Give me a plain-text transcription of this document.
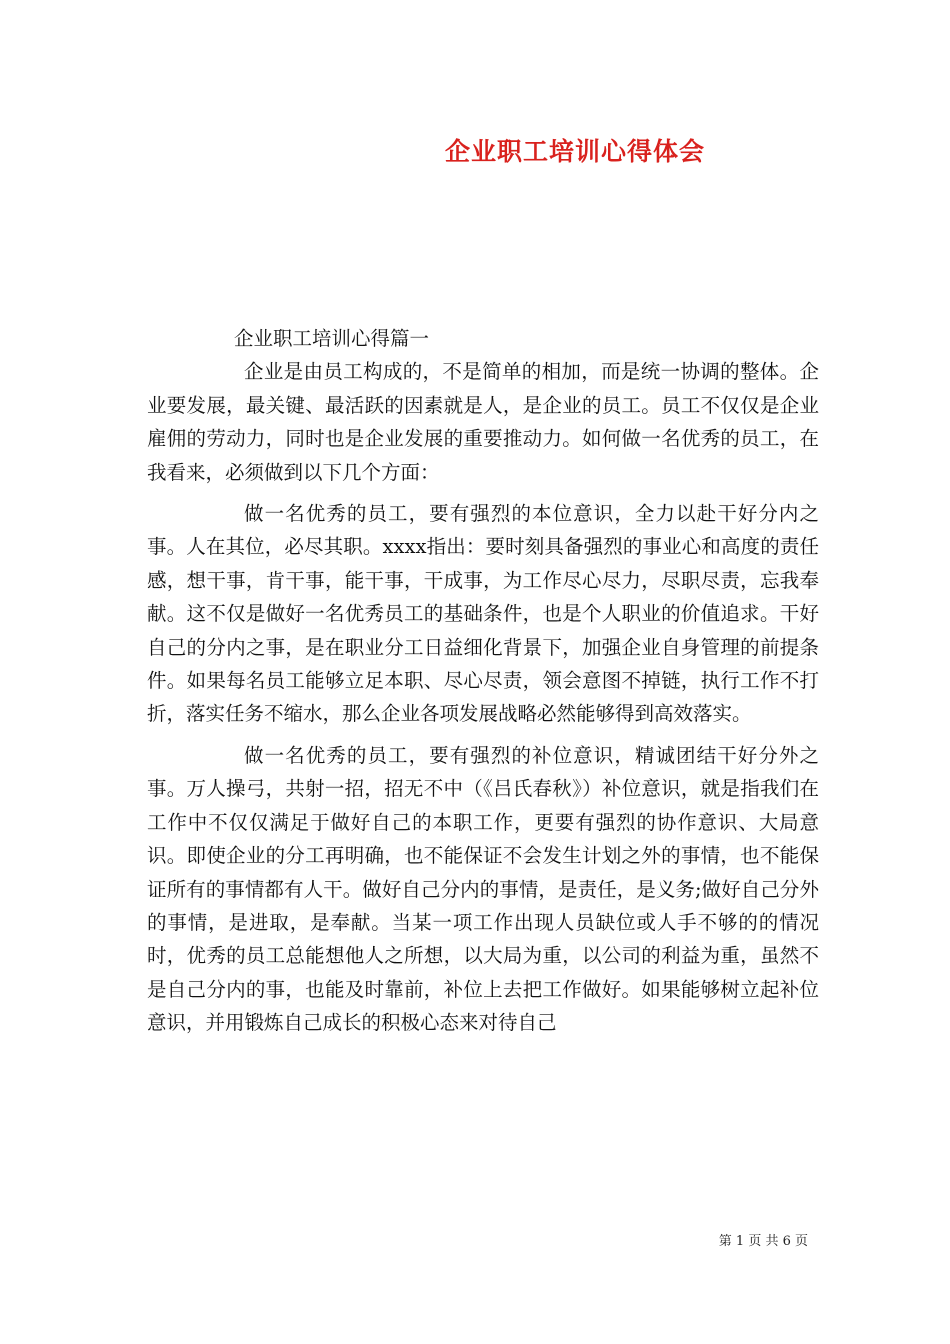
企业职工培训心得体会

企业职工培训心得篇一

企业是由员工构成的，不是简单的相加，而是统一协调的整体。企业要发展，最关键、最活跃的因素就是人，是企业的员工。员工不仅仅是企业雇佣的劳动力，同时也是企业发展的重要推动力。如何做一名优秀的员工，在我看来，必须做到以下几个方面：

做一名优秀的员工，要有强烈的本位意识，全力以赴干好分内之事。人在其位，必尽其职。xxxx指出：要时刻具备强烈的事业心和高度的责任感，想干事，肯干事，能干事，干成事，为工作尽心尽力，尽职尽责，忘我奉献。这不仅是做好一名优秀员工的基础条件，也是个人职业的价值追求。干好自己的分内之事，是在职业分工日益细化背景下，加强企业自身管理的前提条件。如果每名员工能够立足本职、尽心尽责，领会意图不掉链，执行工作不打折，落实任务不缩水，那么企业各项发展战略必然能够得到高效落实。

做一名优秀的员工，要有强烈的补位意识，精诚团结干好分外之事。万人操弓，共射一招，招无不中（《吕氏春秋》）补位意识，就是指我们在工作中不仅仅满足于做好自己的本职工作，更要有强烈的协作意识、大局意识。即使企业的分工再明确，也不能保证不会发生计划之外的事情，也不能保证所有的事情都有人干。做好自己分内的事情，是责任，是义务;做好自己分外的事情，是进取，是奉献。当某一项工作出现人员缺位或人手不够的的情况时，优秀的员工总能想他人之所想，以大局为重，以公司的利益为重，虽然不是自己分内的事，也能及时靠前，补位上去把工作做好。如果能够树立起补位意识，并用锻炼自己成长的积极心态来对待自己

第 1 页 共 6 页
